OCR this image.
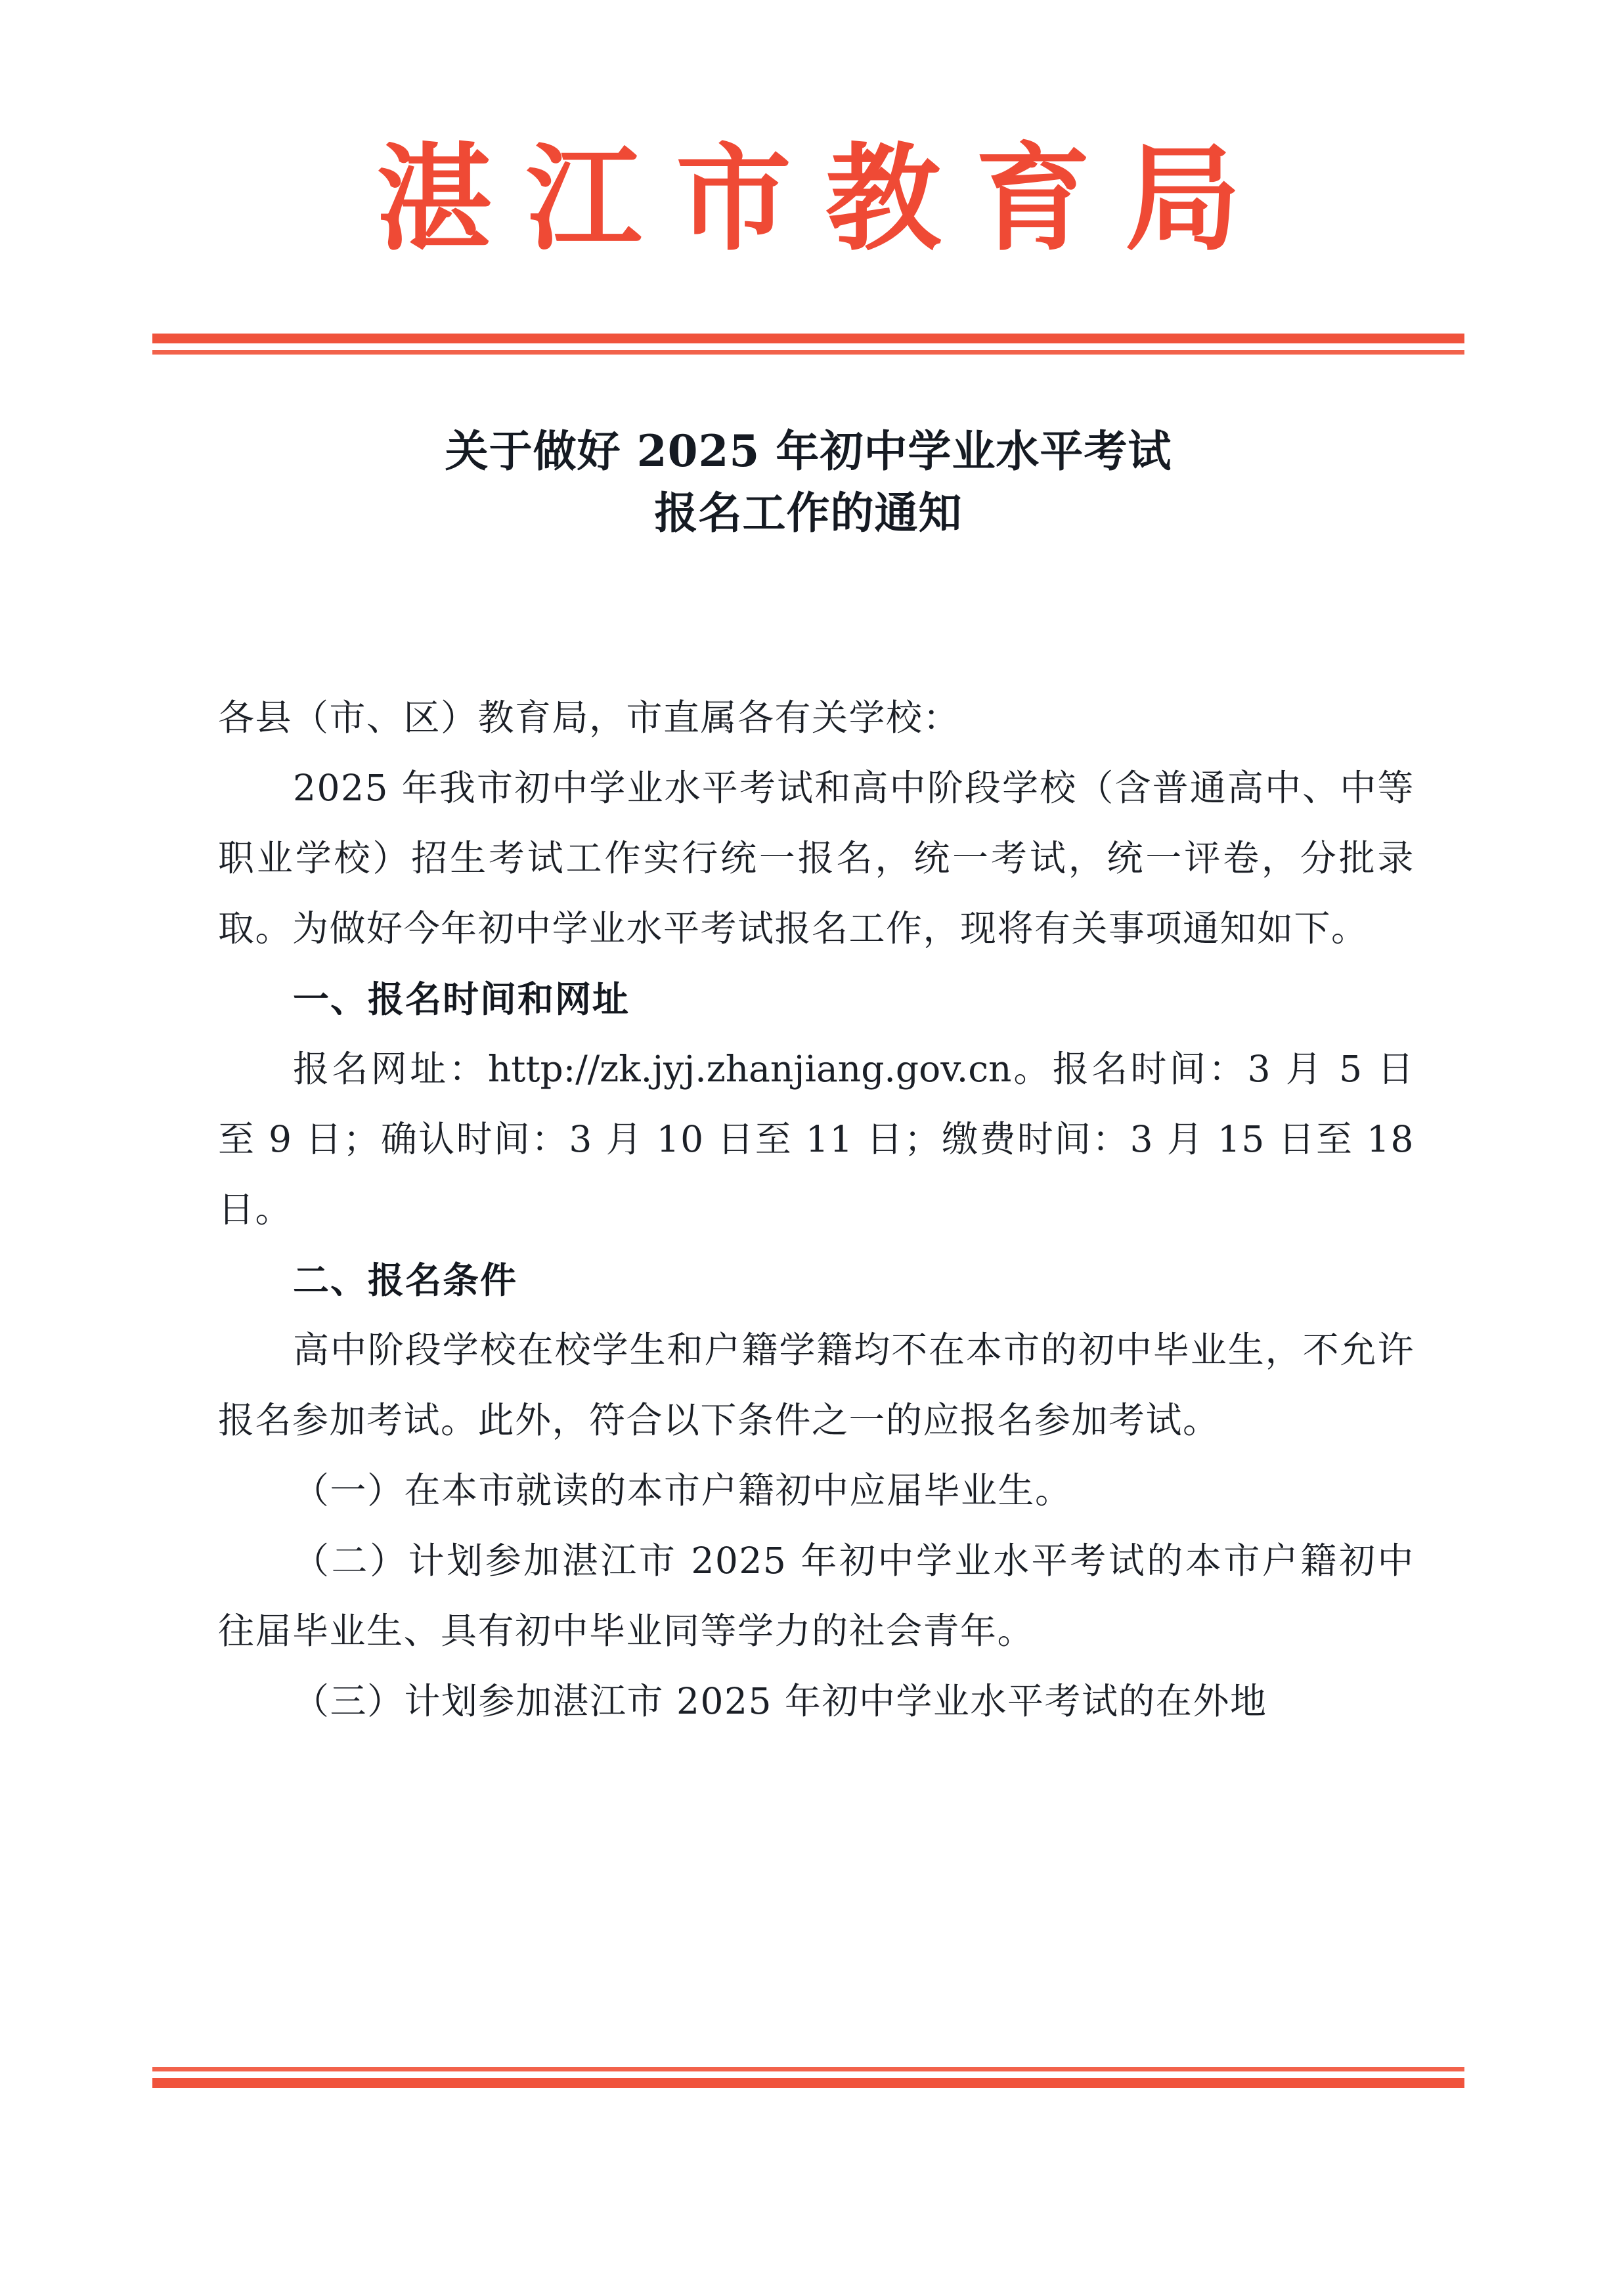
湛江市教育局
关于做好 2025 年初中学业水平考试
报名工作的通知

各县（市、区）教育局，市直属各有关学校：

2025 年我市初中学业水平考试和高中阶段学校（含普通高中、中等职业学校）招生考试工作实行统一报名，统一考试，统一评卷，分批录取。为做好今年初中学业水平考试报名工作，现将有关事项通知如下。

一、报名时间和网址

报名网址：http://zk.jyj.zhanjiang.gov.cn。报名时间：3 月 5 日至 9 日；确认时间：3 月 10 日至 11 日；缴费时间：3 月 15 日至 18 日。

二、报名条件

高中阶段学校在校学生和户籍学籍均不在本市的初中毕业生，不允许报名参加考试。此外，符合以下条件之一的应报名参加考试。

（一）在本市就读的本市户籍初中应届毕业生。

（二）计划参加湛江市 2025 年初中学业水平考试的本市户籍初中往届毕业生、具有初中毕业同等学力的社会青年。

（三）计划参加湛江市 2025 年初中学业水平考试的在外地
